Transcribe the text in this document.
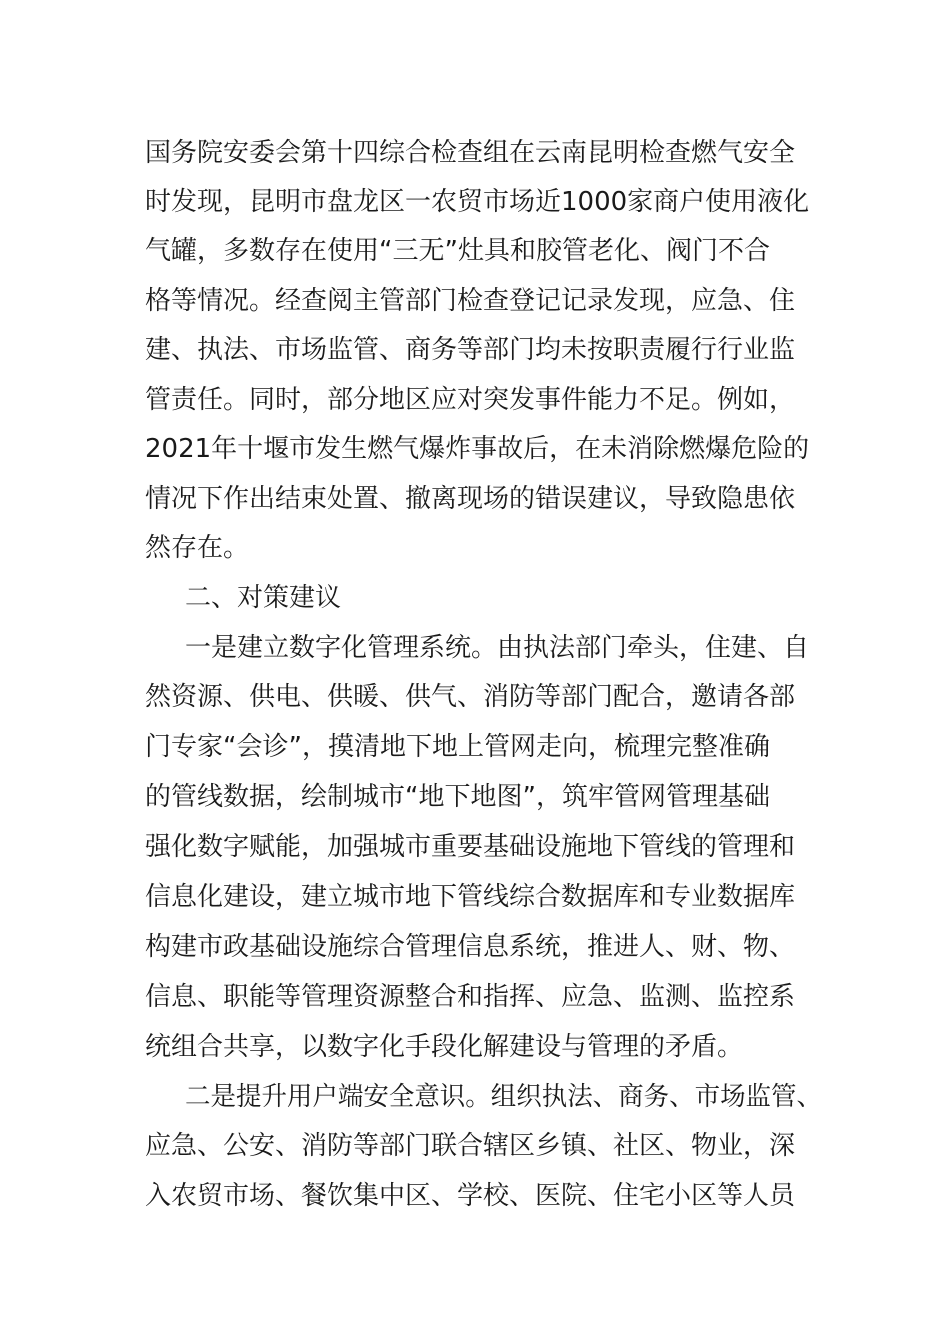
国务院安委会第十四综合检查组在云南昆明检查燃气安全
时发现，昆明市盘龙区一农贸市场近1000家商户使用液化
气罐，多数存在使用“三无”灶具和胶管老化、阀门不合
格等情况。经查阅主管部门检查登记记录发现，应急、住
建、执法、市场监管、商务等部门均未按职责履行行业监
管责任。同时，部分地区应对突发事件能力不足。例如，
2021年十堰市发生燃气爆炸事故后，在未消除燃爆危险的
情况下作出结束处置、撤离现场的错误建议，导致隐患依
然存在。
二、对策建议
一是建立数字化管理系统。由执法部门牵头，住建、自
然资源、供电、供暖、供气、消防等部门配合，邀请各部
门专家“会诊”，摸清地下地上管网走向，梳理完整准确
的管线数据，绘制城市“地下地图”，筑牢管网管理基础
强化数字赋能，加强城市重要基础设施地下管线的管理和
信息化建设，建立城市地下管线综合数据库和专业数据库
构建市政基础设施综合管理信息系统，推进人、财、物、
信息、职能等管理资源整合和指挥、应急、监测、监控系
统组合共享，以数字化手段化解建设与管理的矛盾。
二是提升用户端安全意识。组织执法、商务、市场监管、
应急、公安、消防等部门联合辖区乡镇、社区、物业，深
入农贸市场、餐饮集中区、学校、医院、住宅小区等人员
